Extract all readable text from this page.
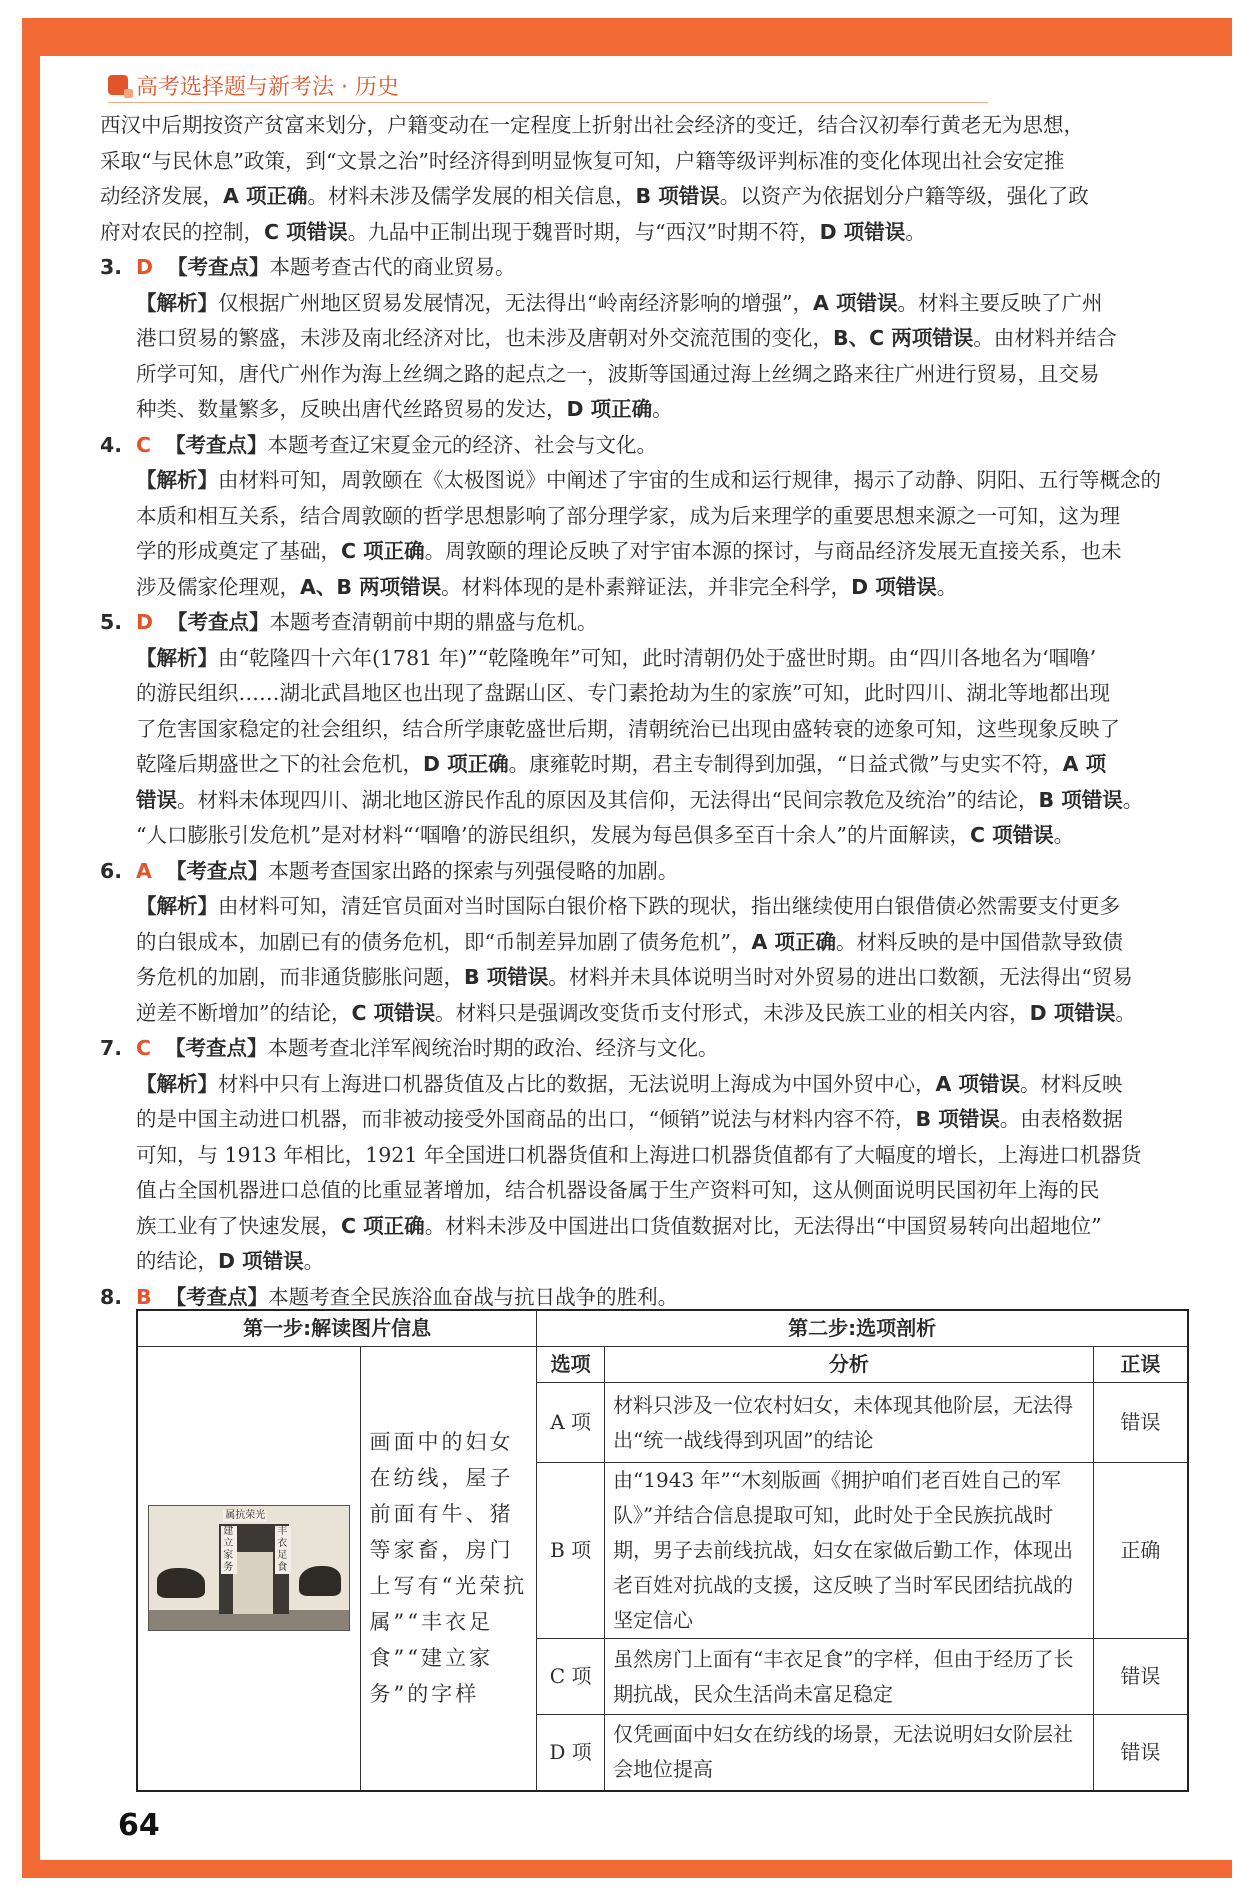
高考选择题与新考法 · 历史

西汉中后期按资产贫富来划分，户籍变动在一定程度上折射出社会经济的变迁，结合汉初奉行黄老无为思想，
采取“与民休息”政策，到“文景之治”时经济得到明显恢复可知，户籍等级评判标准的变化体现出社会安定推
动经济发展，A 项正确。材料未涉及儒学发展的相关信息，B 项错误。以资产为依据划分户籍等级，强化了政
府对农民的控制，C 项错误。九品中正制出现于魏晋时期，与“西汉”时期不符，D 项错误。

3. D 【考查点】 本题考查古代的商业贸易。

【解析】仅根据广州地区贸易发展情况，无法得出“岭南经济影响的增强”，A 项错误。材料主要反映了广州
港口贸易的繁盛，未涉及南北经济对比，也未涉及唐朝对外交流范围的变化，B、C 两项错误。由材料并结合
所学可知，唐代广州作为海上丝绸之路的起点之一，波斯等国通过海上丝绸之路来往广州进行贸易，且交易
种类、数量繁多，反映出唐代丝路贸易的发达，D 项正确。

4. C 【考查点】 本题考查辽宋夏金元的经济、社会与文化。

【解析】由材料可知，周敦颐在《太极图说》中阐述了宇宙的生成和运行规律，揭示了动静、阴阳、五行等概念的
本质和相互关系，结合周敦颐的哲学思想影响了部分理学家，成为后来理学的重要思想来源之一可知，这为理
学的形成奠定了基础，C 项正确。周敦颐的理论反映了对宇宙本源的探讨，与商品经济发展无直接关系，也未
涉及儒家伦理观，A、B 两项错误。材料体现的是朴素辩证法，并非完全科学，D 项错误。

5. D 【考查点】 本题考查清朝前中期的鼎盛与危机。

【解析】由“乾隆四十六年(1781 年)”“乾隆晚年”可知，此时清朝仍处于盛世时期。由“四川各地名为‘啯噜’
的游民组织……湖北武昌地区也出现了盘踞山区、专门素抢劫为生的家族”可知，此时四川、湖北等地都出现
了危害国家稳定的社会组织，结合所学康乾盛世后期，清朝统治已出现由盛转衰的迹象可知，这些现象反映了
乾隆后期盛世之下的社会危机，D 项正确。康雍乾时期，君主专制得到加强，“日益式微”与史实不符，A 项
错误。材料未体现四川、湖北地区游民作乱的原因及其信仰，无法得出“民间宗教危及统治”的结论，B 项错误。
“人口膨胀引发危机”是对材料“‘啯噜’的游民组织，发展为每邑俱多至百十余人”的片面解读，C 项错误。

6. A 【考查点】 本题考查国家出路的探索与列强侵略的加剧。

【解析】由材料可知，清廷官员面对当时国际白银价格下跌的现状，指出继续使用白银借债必然需要支付更多
的白银成本，加剧已有的债务危机，即“币制差异加剧了债务危机”，A 项正确。材料反映的是中国借款导致债
务危机的加剧，而非通货膨胀问题，B 项错误。材料并未具体说明当时对外贸易的进出口数额，无法得出“贸易
逆差不断增加”的结论，C 项错误。材料只是强调改变货币支付形式，未涉及民族工业的相关内容，D 项错误。

7. C 【考查点】 本题考查北洋军阀统治时期的政治、经济与文化。

【解析】材料中只有上海进口机器货值及占比的数据，无法说明上海成为中国外贸中心，A 项错误。材料反映
的是中国主动进口机器，而非被动接受外国商品的出口，“倾销”说法与材料内容不符，B 项错误。由表格数据
可知，与 1913 年相比，1921 年全国进口机器货值和上海进口机器货值都有了大幅度的增长，上海进口机器货
值占全国机器进口总值的比重显著增加，结合机器设备属于生产资料可知，这从侧面说明民国初年上海的民
族工业有了快速发展，C 项正确。材料未涉及中国进出口货值数据对比，无法得出“中国贸易转向出超地位”
的结论，D 项错误。

8. B 【考查点】 本题考查全民族浴血奋战与抗日战争的胜利。
第一步:解读图片信息		第二步:选项剖析		

属抗荣光
建立家务
丰衣足食	画面中的妇女在纺线，屋子前面有牛、猪等家畜，房门上写有“光荣抗属”“丰衣足食”“建立家务”的字样	选项	分析	正误
		A 项	材料只涉及一位农村妇女，未体现其他阶层，无法得出“统一战线得到巩固”的结论	错误
		B 项	由“1943 年”“木刻版画《拥护咱们老百姓自己的军队》”并结合信息提取可知，此时处于全民族抗战时期，男子去前线抗战，妇女在家做后勤工作，体现出老百姓对抗战的支援，这反映了当时军民团结抗战的坚定信心	正确
		C 项	虽然房门上面有“丰衣足食”的字样，但由于经历了长期抗战，民众生活尚未富足稳定	错误
		D 项	仅凭画面中妇女在纺线的场景，无法说明妇女阶层社会地位提高	错误
64
